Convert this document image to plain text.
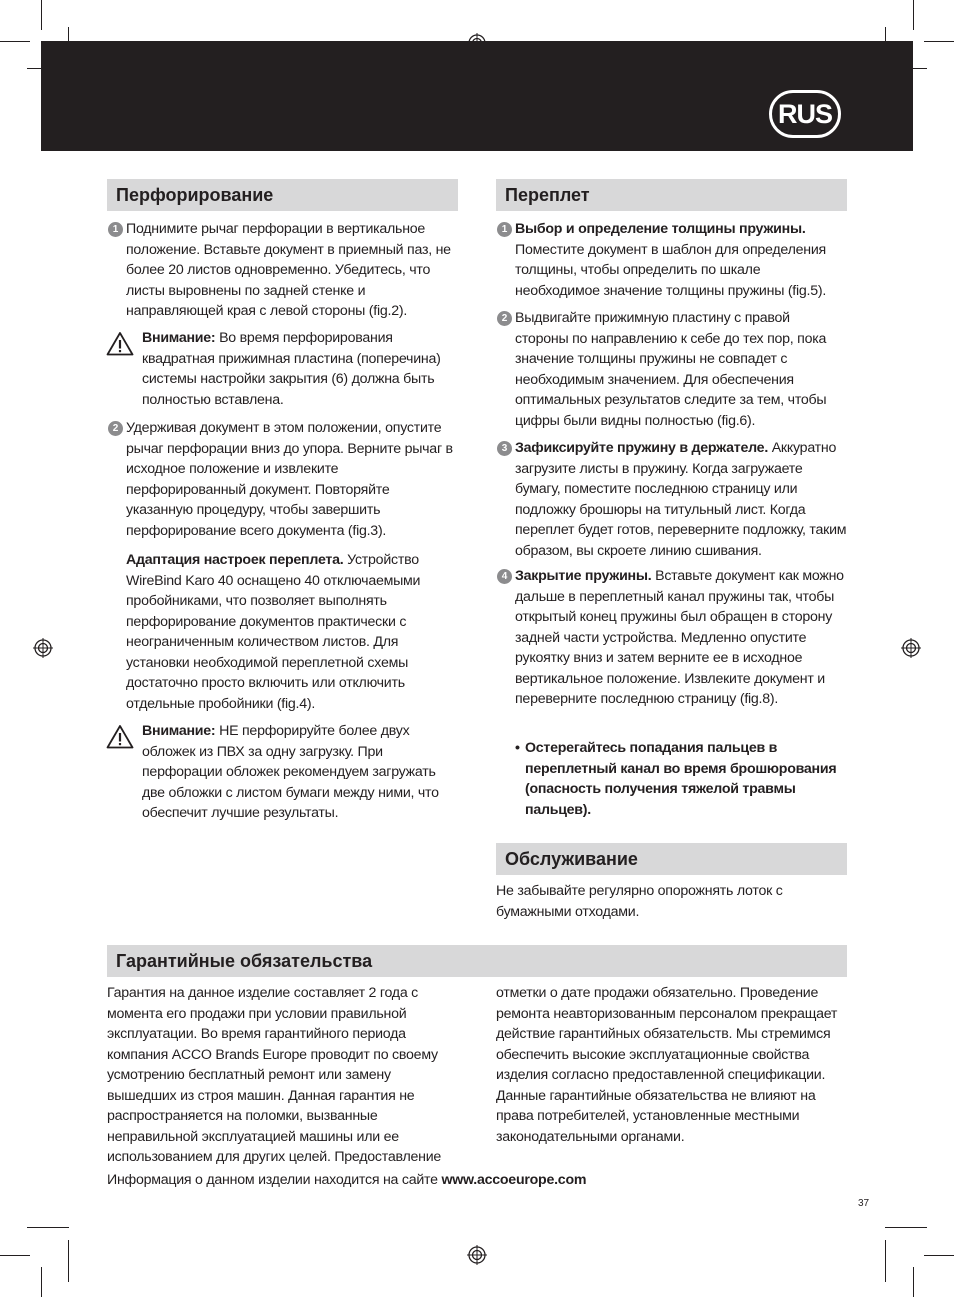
RUS
Перфорирование
1 Поднимите рычаг перфорации в вертикальное положение. Вставьте документ в приемный паз, не более 20 листов одновременно. Убедитесь, что листы выровнены по задней стенке и направляющей края с левой стороны (fig.2).
Внимание: Во время перфорирования квадратная прижимная пластина (поперечина) системы настройки закрытия (6) должна быть полностью вставлена.
2 Удерживая документ в этом положении, опустите рычаг перфорации вниз до упора. Верните рычаг в исходное положение и извлеките перфорированный документ. Повторяйте указанную процедуру, чтобы завершить перфорирование всего документа (fig.3).
Адаптация настроек переплета. Устройство WireBind Karo 40 оснащено 40 отключаемыми пробойниками, что позволяет выполнять перфорирование документов практически с неограниченным количеством листов. Для установки необходимой переплетной схемы достаточно просто включить или отключить отдельные пробойники (fig.4).
Внимание: НЕ перфорируйте более двух обложек из ПВХ за одну загрузку. При перфорации обложек рекомендуем загружать две обложки с листом бумаги между ними, что обеспечит лучшие результаты.
Переплет
1 Выбор и определение толщины пружины. Поместите документ в шаблон для определения толщины, чтобы определить по шкале необходимое значение толщины пружины (fig.5).
2 Выдвигайте прижимную пластину с правой стороны по направлению к себе до тех пор, пока значение толщины пружины не совпадет с необходимым значением. Для обеспечения оптимальных результатов следите за тем, чтобы цифры были видны полностью (fig.6).
3 Зафиксируйте пружину в держателе. Аккуратно загрузите листы в пружину. Когда загружаете бумагу, поместите последнюю страницу или подложку брошюры на титульный лист. Когда переплет будет готов, переверните подложку, таким образом, вы скроете линию сшивания.
4 Закрытие пружины. Вставьте документ как можно дальше в переплетный канал пружины так, чтобы открытый конец пружины был обращен в сторону задней части устройства. Медленно опустите рукоятку вниз и затем верните ее в исходное вертикальное положение. Извлеките документ и переверните последнюю страницу (fig.8).
• Остерегайтесь попадания пальцев в переплетный канал во время брошюрования (опасность получения тяжелой травмы пальцев).
Обслуживание
Не забывайте регулярно опорожнять лоток с бумажными отходами.
Гарантийные обязательства
Гарантия на данное изделие составляет 2 года с момента его продажи при условии правильной эксплуатации. Во время гарантийного периода компания ACCO Brands Europe проводит по своему усмотрению бесплатный ремонт или замену вышедших из строя машин. Данная гарантия не распространяется на поломки, вызванные неправильной эксплуатацией машины или ее использованием для других целей. Предоставление
отметки о дате продажи обязательно. Проведение ремонта неавторизованным персоналом прекращает действие гарантийных обязательств. Мы стремимся обеспечить высокие эксплуатационные свойства изделия согласно предоставленной спецификации. Данные гарантийные обязательства не влияют на права потребителей, установленные местными законодательными органами.
Информация о данном изделии находится на сайте www.accoeurope.com
37
